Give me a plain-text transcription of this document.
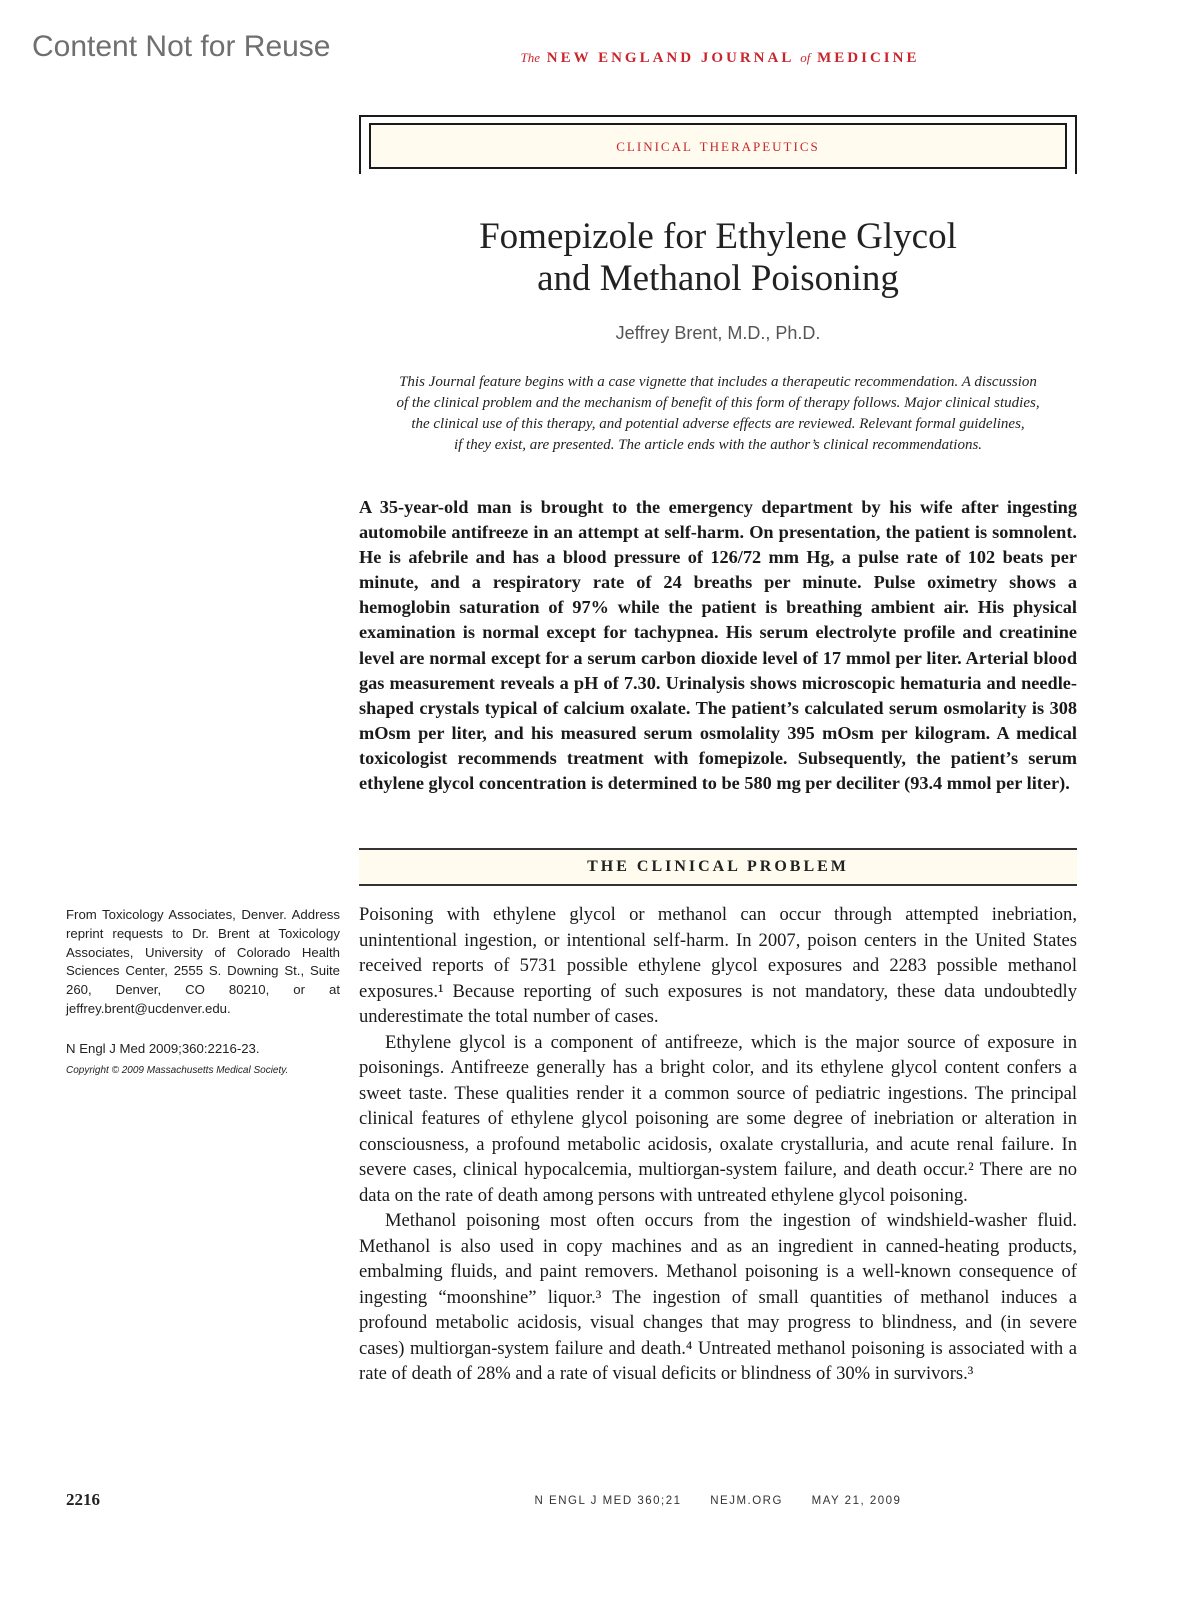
Content Not for Reuse	The NEW ENGLAND JOURNAL of MEDICINE
clinical therapeutics
Fomepizole for Ethylene Glycol
and Methanol Poisoning
Jeffrey Brent, M.D., Ph.D.
This Journal feature begins with a case vignette that includes a therapeutic recommendation. A discussion
of the clinical problem and the mechanism of benefit of this form of therapy follows. Major clinical studies,
the clinical use of this therapy, and potential adverse effects are reviewed. Relevant formal guidelines,
if they exist, are presented. The article ends with the author’s clinical recommendations.
A 35-year-old man is brought to the emergency department by his wife after ingesting automobile antifreeze in an attempt at self-harm. On presentation, the patient is somnolent. He is afebrile and has a blood pressure of 126/72 mm Hg, a pulse rate of 102 beats per minute, and a respiratory rate of 24 breaths per minute. Pulse oximetry shows a hemoglobin saturation of 97% while the patient is breathing ambient air. His physical examination is normal except for tachypnea. His serum electrolyte profile and creatinine level are normal except for a serum carbon dioxide level of 17 mmol per liter. Arterial blood gas measurement reveals a pH of 7.30. Urinalysis shows microscopic hematuria and needle-shaped crystals typical of calcium oxalate. The patient’s calculated serum osmolarity is 308 mOsm per liter, and his measured serum osmolality 395 mOsm per kilogram. A medical toxicologist recommends treatment with fomepizole. Subsequently, the patient’s serum ethylene glycol concentration is determined to be 580 mg per deciliter (93.4 mmol per liter).
THE CLINICAL PROBLEM
From Toxicology Associates, Denver. Address reprint requests to Dr. Brent at Toxicology Associates, University of Colorado Health Sciences Center, 2555 S. Downing St., Suite 260, Denver, CO 80210, or at jeffrey.brent@ucdenver.edu.
N Engl J Med 2009;360:2216-23.
Copyright © 2009 Massachusetts Medical Society.

Poisoning with ethylene glycol or methanol can occur through attempted inebriation, unintentional ingestion, or intentional self-harm. In 2007, poison centers in the United States received reports of 5731 possible ethylene glycol exposures and 2283 possible methanol exposures.¹ Because reporting of such exposures is not mandatory, these data undoubtedly underestimate the total number of cases.

Ethylene glycol is a component of antifreeze, which is the major source of exposure in poisonings. Antifreeze generally has a bright color, and its ethylene glycol content confers a sweet taste. These qualities render it a common source of pediatric ingestions. The principal clinical features of ethylene glycol poisoning are some degree of inebriation or alteration in consciousness, a profound metabolic acidosis, oxalate crystalluria, and acute renal failure. In severe cases, clinical hypocalcemia, multiorgan-system failure, and death occur.² There are no data on the rate of death among persons with untreated ethylene glycol poisoning.

Methanol poisoning most often occurs from the ingestion of windshield-washer fluid. Methanol is also used in copy machines and as an ingredient in canned-heating products, embalming fluids, and paint removers. Methanol poisoning is a well-known consequence of ingesting “moonshine” liquor.³ The ingestion of small quantities of methanol induces a profound metabolic acidosis, visual changes that may progress to blindness, and (in severe cases) multiorgan-system failure and death.⁴ Untreated methanol poisoning is associated with a rate of death of 28% and a rate of visual deficits or blindness of 30% in survivors.³

2216	N ENGL J MED 360;21 NEJM.ORG MAY 21, 2009
